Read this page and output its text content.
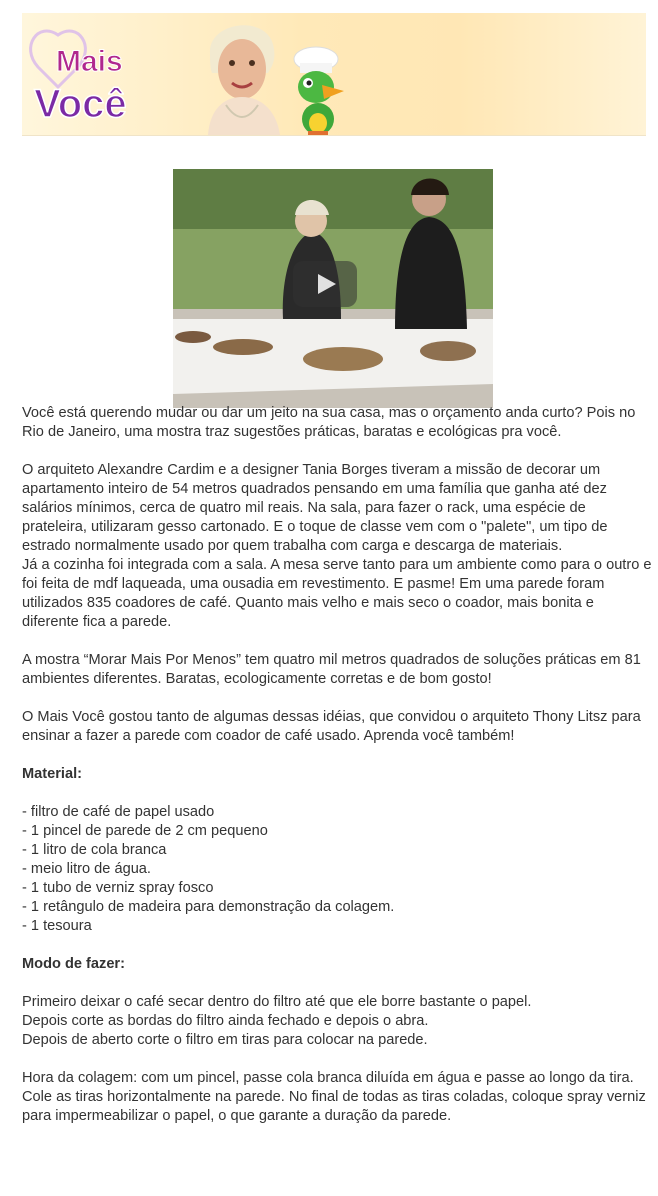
Mais
Você

Você está querendo mudar ou dar um jeito na sua casa, mas o orçamento anda curto? Pois no Rio de Janeiro, uma mostra traz sugestões práticas, baratas e ecológicas pra você.

O arquiteto Alexandre Cardim e a designer Tania Borges tiveram a missão de decorar um apartamento inteiro de 54 metros quadrados pensando em uma família que ganha até dez salários mínimos, cerca de quatro mil reais. Na sala, para fazer o rack, uma espécie de prateleira, utilizaram gesso cartonado. E o toque de classe vem com o "palete", um tipo de estrado normalmente usado por quem trabalha com carga e descarga de materiais.

Já a cozinha foi integrada com a sala. A mesa serve tanto para um ambiente como para o outro e foi feita de mdf laqueada, uma ousadia em revestimento. E pasme! Em uma parede foram utilizados 835 coadores de café. Quanto mais velho e mais seco o coador, mais bonita e diferente fica a parede.

A mostra “Morar Mais Por Menos” tem quatro mil metros quadrados de soluções práticas em 81 ambientes diferentes. Baratas, ecologicamente corretas e de bom gosto!

O Mais Você gostou tanto de algumas dessas idéias, que convidou o arquiteto Thony Litsz para ensinar a fazer a parede com coador de café usado. Aprenda você também!

Material:

- filtro de café de papel usado

- 1 pincel de parede de 2 cm pequeno

- 1 litro de cola branca

- meio litro de água.

- 1 tubo de verniz spray fosco

- 1 retângulo de madeira para demonstração da colagem.

- 1 tesoura

Modo de fazer:

Primeiro deixar o café secar dentro do filtro até que ele borre bastante o papel.

Depois corte as bordas do filtro ainda fechado e depois o abra.

Depois de aberto corte o filtro em tiras para colocar na parede.

Hora da colagem: com um pincel, passe cola branca diluída em água e passe ao longo da tira. Cole as tiras horizontalmente na parede. No final de todas as tiras coladas, coloque spray verniz para impermeabilizar o papel, o que garante a duração da parede.
